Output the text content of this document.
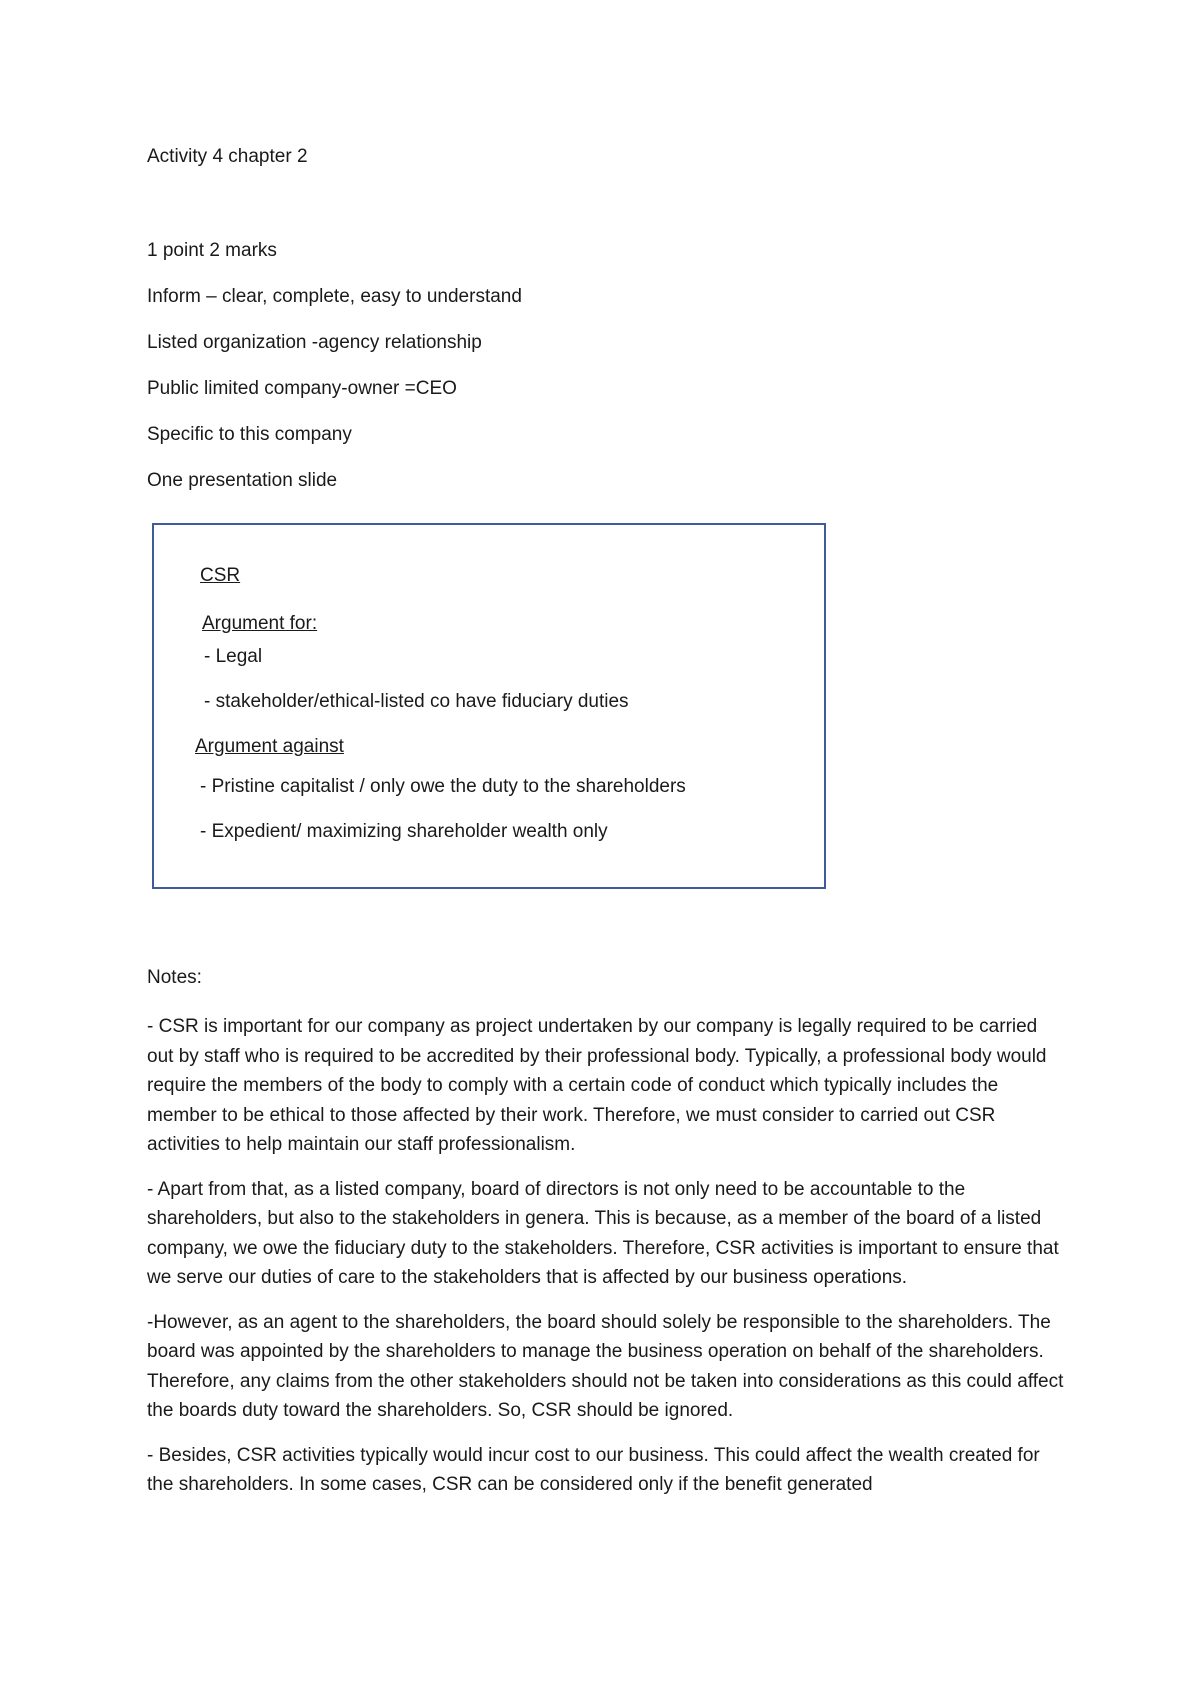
Activity 4 chapter 2
1 point 2 marks
Inform – clear, complete, easy to understand
Listed organization -agency relationship
Public limited company-owner =CEO
Specific to this company
One presentation slide
CSR
Argument for:
- Legal
- stakeholder/ethical-listed co have fiduciary duties
Argument against
- Pristine capitalist / only owe the duty to the shareholders
- Expedient/ maximizing shareholder wealth only
Notes:

- CSR is important for our company as project undertaken by our company is legally required to be carried out by staff who is required to be accredited by their professional body. Typically, a professional body would require the members of the body to comply with a certain code of conduct which typically includes the member to be ethical to those affected by their work. Therefore, we must consider to carried out CSR activities to help maintain our staff professionalism.

- Apart from that, as a listed company, board of directors is not only need to be accountable to the shareholders, but also to the stakeholders in genera. This is because, as a member of the board of a listed company, we owe the fiduciary duty to the stakeholders. Therefore, CSR activities is important to ensure that we serve our duties of care to the stakeholders that is affected by our business operations.

-However, as an agent to the shareholders, the board should solely be responsible to the shareholders. The board was appointed by the shareholders to manage the business operation on behalf of the shareholders. Therefore, any claims from the other stakeholders should not be taken into considerations as this could affect the boards duty toward the shareholders. So, CSR should be ignored.

- Besides, CSR activities typically would incur cost to our business. This could affect the wealth created for the shareholders. In some cases, CSR can be considered only if the benefit generated
